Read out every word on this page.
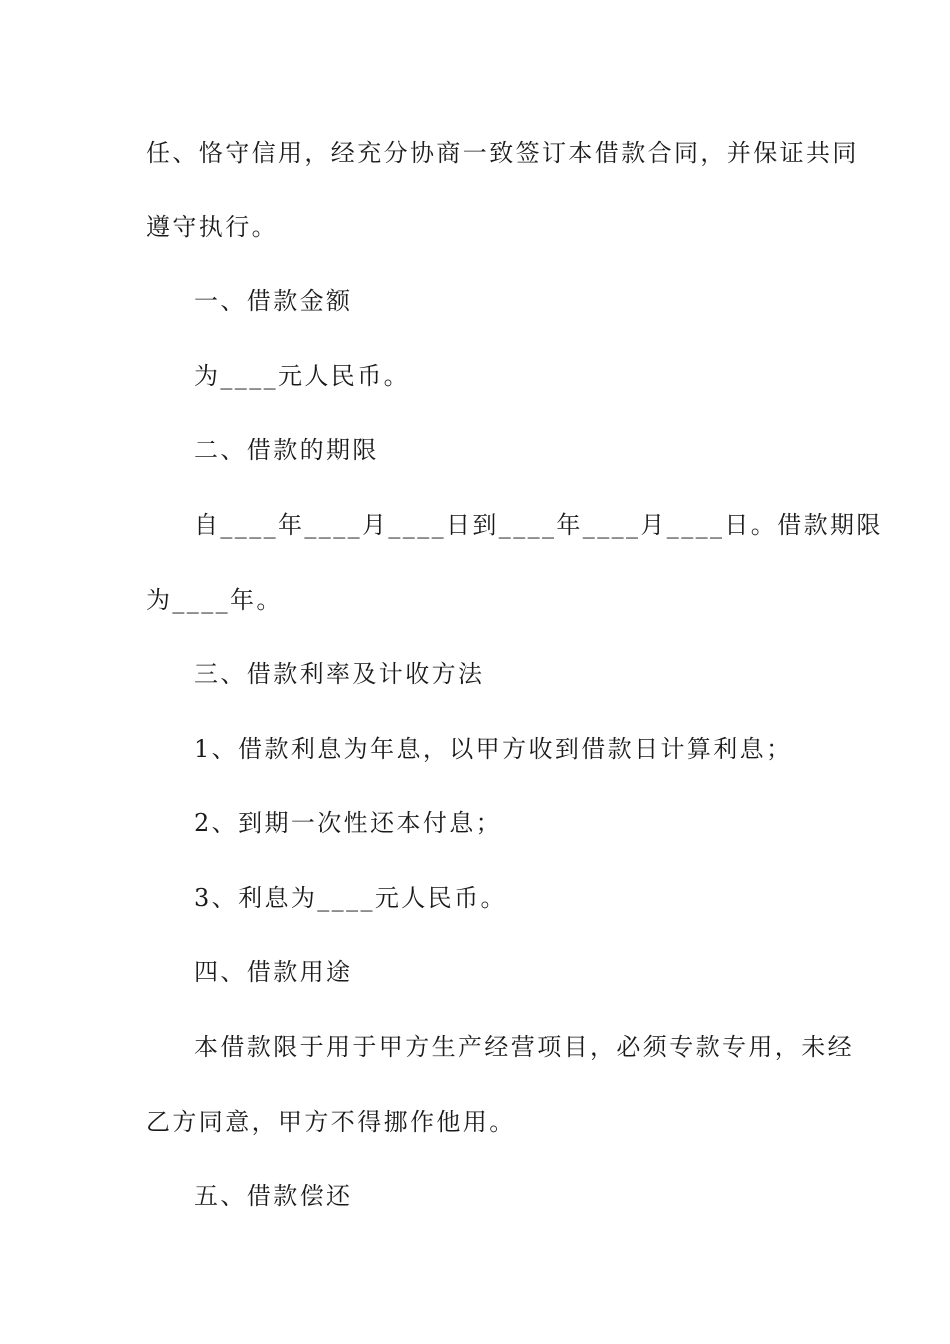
任、恪守信用，经充分协商一致签订本借款合同，并保证共同
遵守执行。
一、借款金额
为____元人民币。
二、借款的期限
自____年____月____日到____年____月____日。借款期限
为____年。
三、借款利率及计收方法
1、借款利息为年息，以甲方收到借款日计算利息；
2、到期一次性还本付息；
3、利息为____元人民币。
四、借款用途
本借款限于用于甲方生产经营项目，必须专款专用，未经
乙方同意，甲方不得挪作他用。
五、借款偿还
